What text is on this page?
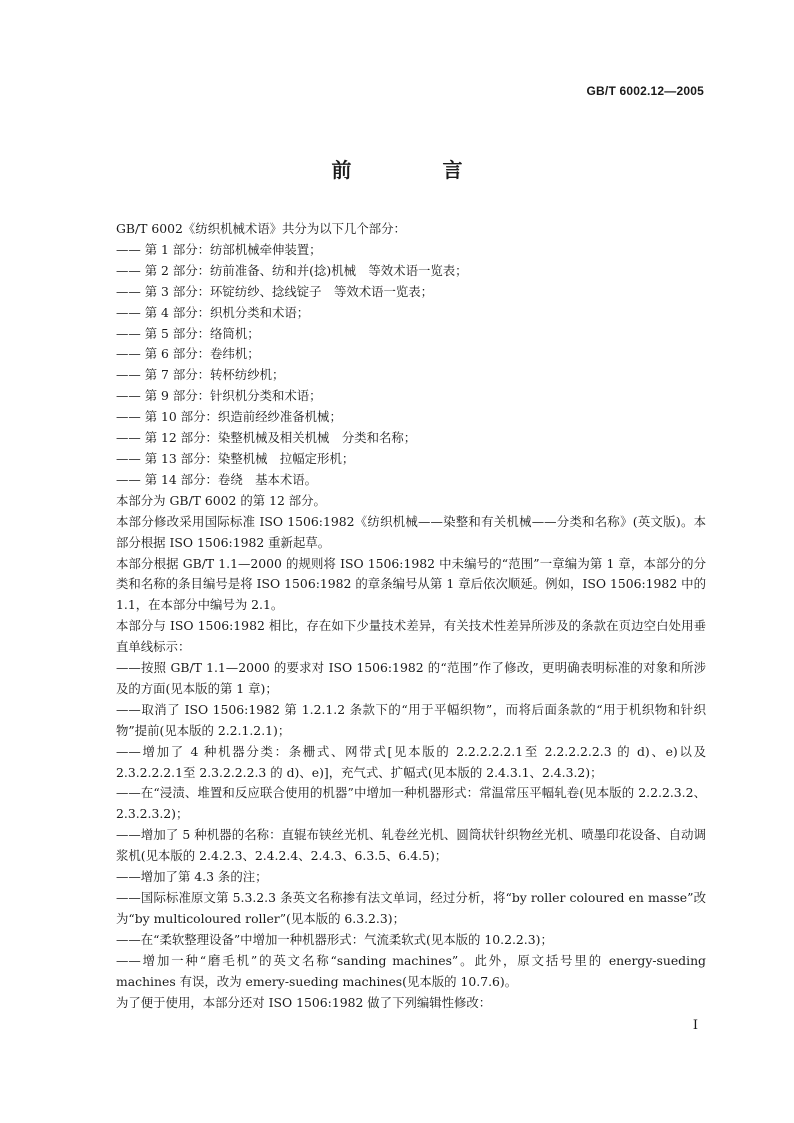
GB/T 6002.12—2005
前 言

GB/T 6002《纺织机械术语》共分为以下几个部分：

—— 第 1 部分：纺部机械牵伸装置；

—— 第 2 部分：纺前准备、纺和并(捻)机械　等效术语一览表；

—— 第 3 部分：环锭纺纱、捻线锭子　等效术语一览表；

—— 第 4 部分：织机分类和术语；

—— 第 5 部分：络筒机；

—— 第 6 部分：卷纬机；

—— 第 7 部分：转杯纺纱机；

—— 第 9 部分：针织机分类和术语；

—— 第 10 部分：织造前经纱准备机械；

—— 第 12 部分：染整机械及相关机械　分类和名称；

—— 第 13 部分：染整机械　拉幅定形机；

—— 第 14 部分：卷绕　基本术语。

本部分为 GB/T 6002 的第 12 部分。

本部分修改采用国际标准 ISO 1506:1982《纺织机械——染整和有关机械——分类和名称》(英文版)。本部分根据 ISO 1506:1982 重新起草。

本部分根据 GB/T 1.1—2000 的规则将 ISO 1506:1982 中未编号的“范围”一章编为第 1 章，本部分的分类和名称的条目编号是将 ISO 1506:1982 的章条编号从第 1 章后依次顺延。例如，ISO 1506:1982 中的 1.1，在本部分中编号为 2.1。

本部分与 ISO 1506:1982 相比，存在如下少量技术差异，有关技术性差异所涉及的条款在页边空白处用垂直单线标示：

——按照 GB/T 1.1—2000 的要求对 ISO 1506:1982 的“范围”作了修改，更明确表明标准的对象和所涉及的方面(见本版的第 1 章)；

——取消了 ISO 1506:1982 第 1.2.1.2 条款下的“用于平幅织物”，而将后面条款的“用于机织物和针织物”提前(见本版的 2.2.1.2.1)；

——增加了 4 种机器分类：条栅式、网带式[见本版的 2.2.2.2.2.1至 2.2.2.2.2.3 的 d)、e)以及 2.3.2.2.2.1至 2.3.2.2.2.3 的 d)、e)]，充气式、扩幅式(见本版的 2.4.3.1、2.4.3.2)；

——在“浸渍、堆置和反应联合使用的机器”中增加一种机器形式：常温常压平幅轧卷(见本版的 2.2.2.3.2、2.3.2.3.2)；

——增加了 5 种机器的名称：直辊布铗丝光机、轧卷丝光机、圆筒状针织物丝光机、喷墨印花设备、自动调浆机(见本版的 2.4.2.3、2.4.2.4、2.4.3、6.3.5、6.4.5)；

——增加了第 4.3 条的注；

——国际标准原文第 5.3.2.3 条英文名称掺有法文单词，经过分析，将“by roller coloured en masse”改为“by multicoloured roller”(见本版的 6.3.2.3)；

——在“柔软整理设备”中增加一种机器形式：气流柔软式(见本版的 10.2.2.3)；

——增加一种“磨毛机”的英文名称“sanding machines”。此外，原文括号里的 energy-sueding machines 有误，改为 emery-sueding machines(见本版的 10.7.6)。

为了便于使用，本部分还对 ISO 1506:1982 做了下列编辑性修改：

I
